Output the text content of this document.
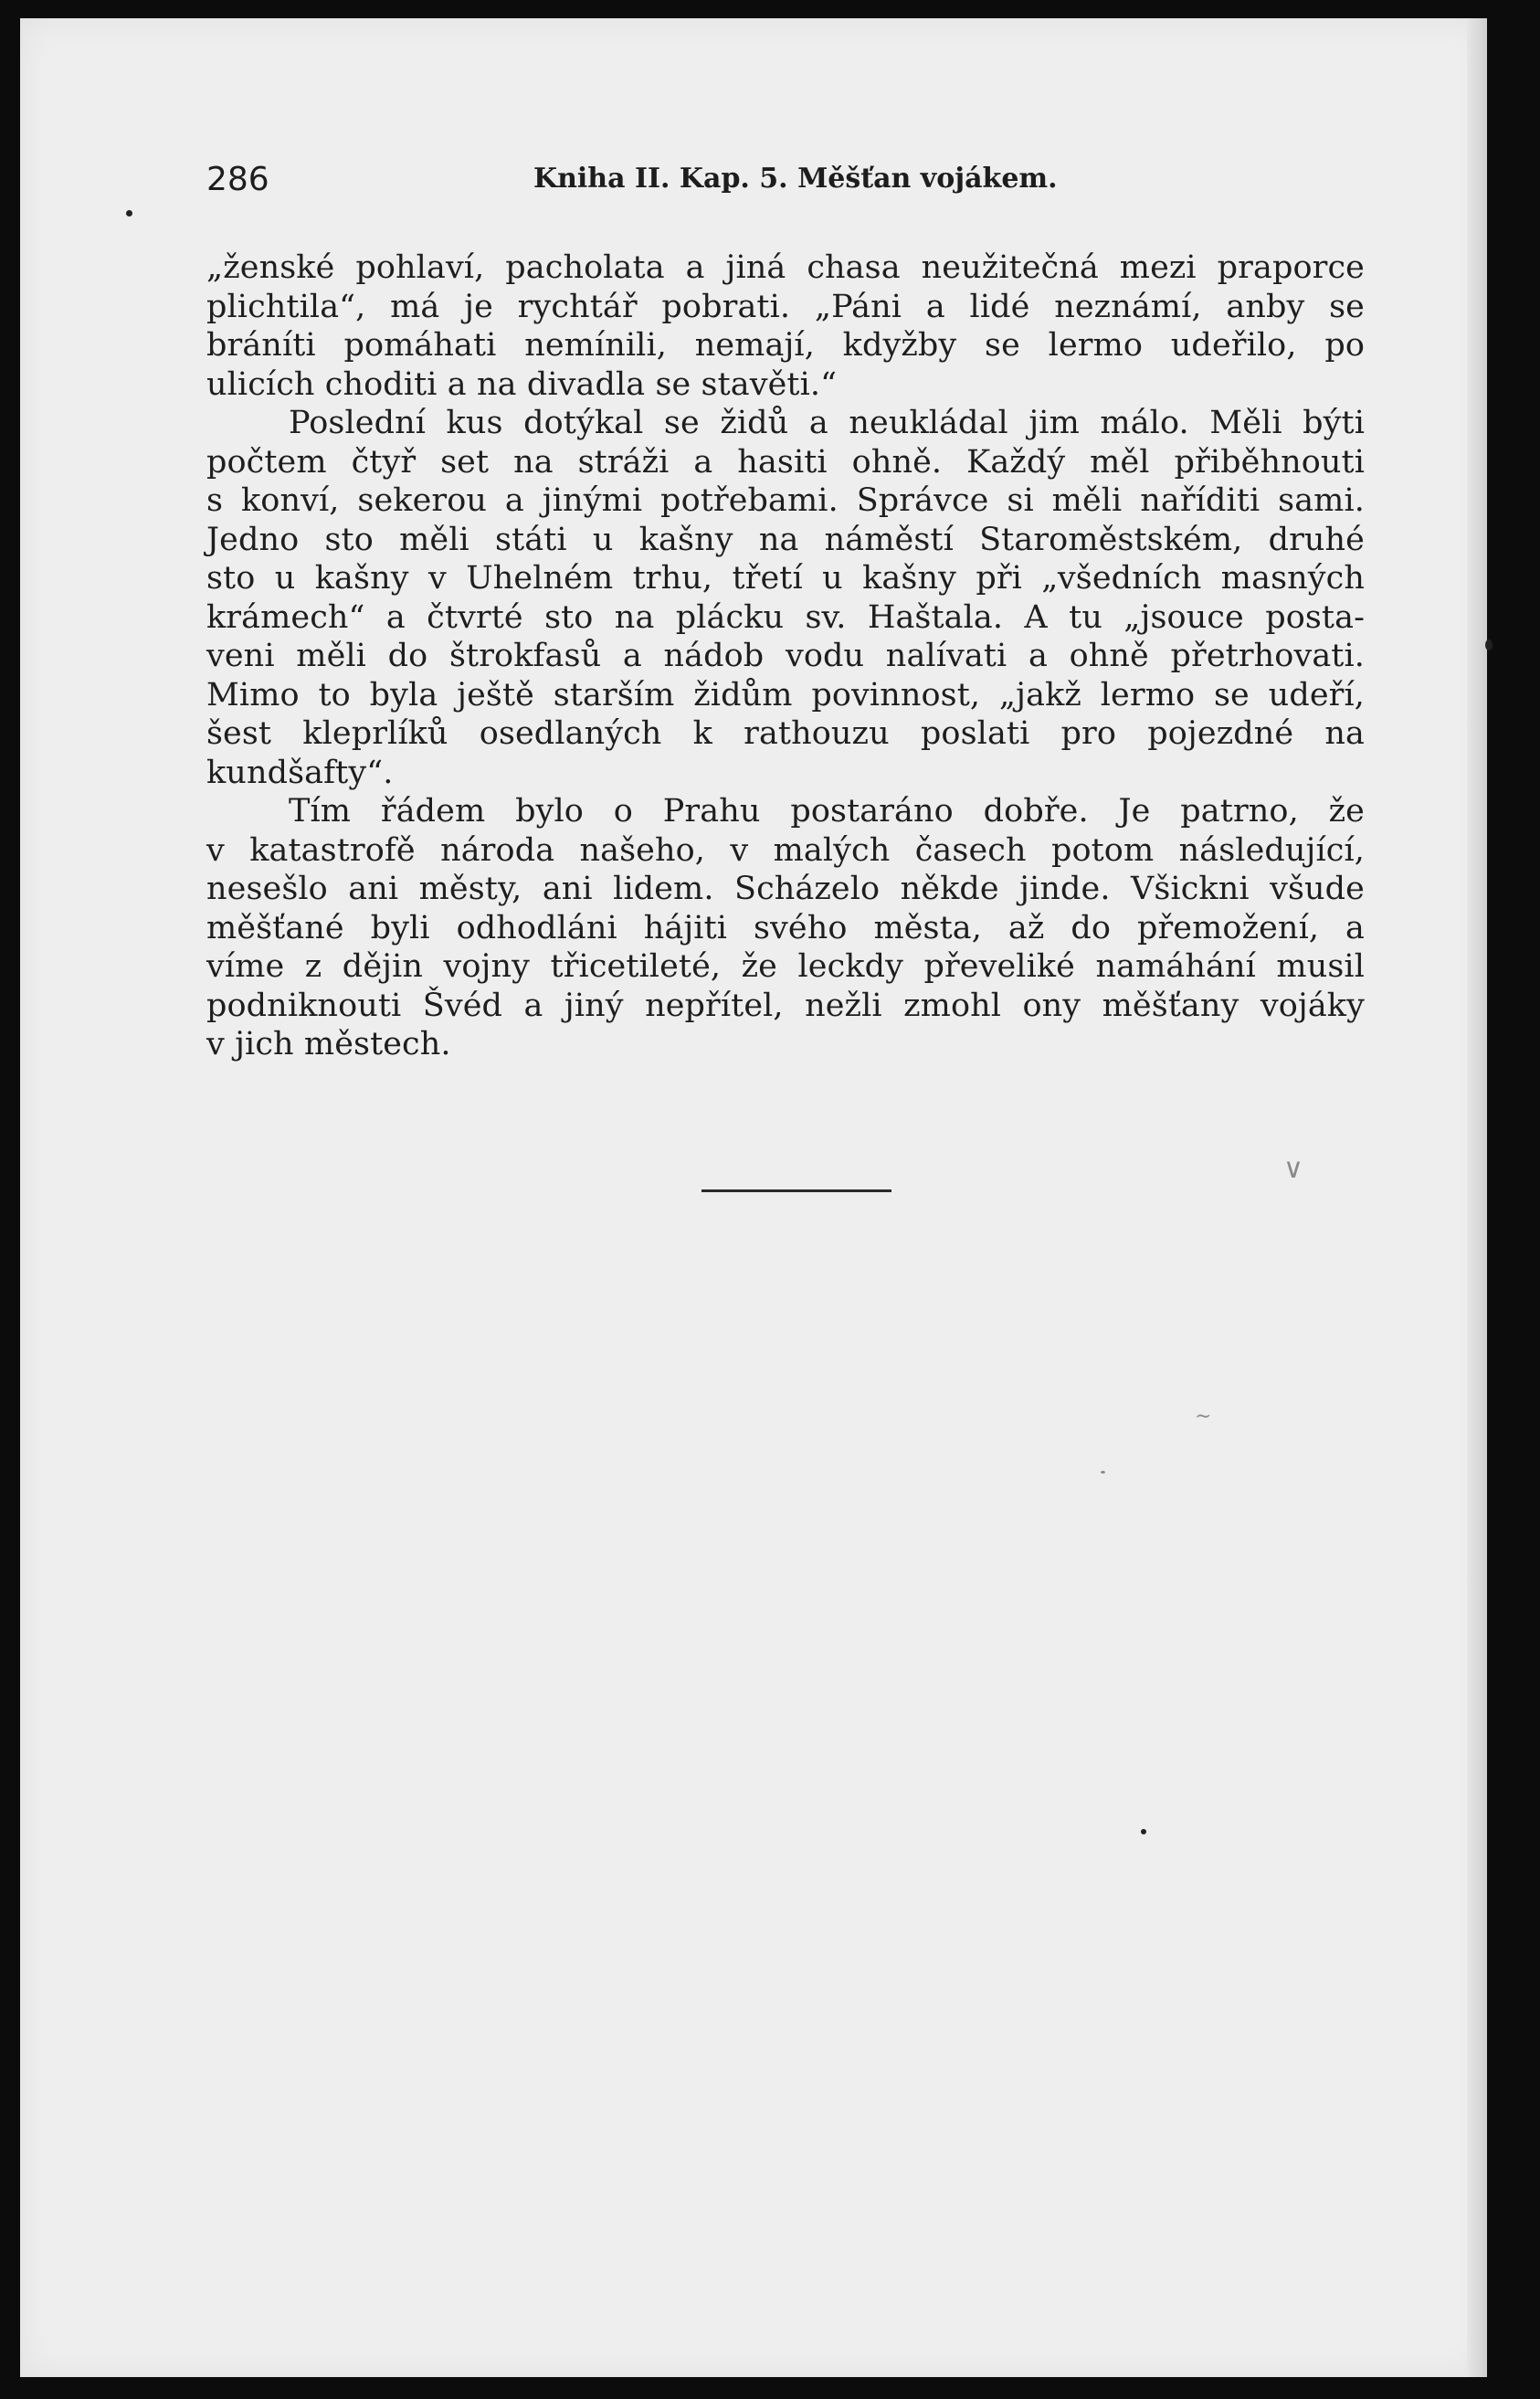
286	Kniha II. Kap. 5. Měšťan vojákem.
„ženské pohlaví, pacholata a jiná chasa neužitečná mezi praporce
plichtila“, má je rychtář pobrati. „Páni a lidé neznámí, anby se
bráníti pomáhati nemínili, nemají, kdyžby se lermo udeřilo, po
ulicích choditi a na divadla se stavěti.“
Poslední kus dotýkal se židů a neukládal jim málo. Měli býti
počtem čtyř set na stráži a hasiti ohně. Každý měl přiběhnouti
s konví, sekerou a jinými potřebami. Správce si měli naříditi sami.
Jedno sto měli státi u kašny na náměstí Staroměstském, druhé
sto u kašny v Uhelném trhu, třetí u kašny při „všedních masných
krámech“ a čtvrté sto na plácku sv. Haštala. A tu „jsouce posta-
veni měli do štrokfasů a nádob vodu nalívati a ohně přetrhovati.
Mimo to byla ještě starším židům povinnost, „jakž lermo se udeří,
šest kleprlíků osedlaných k rathouzu poslati pro pojezdné na
kundšafty“.
Tím řádem bylo o Prahu postaráno dobře. Je patrno, že
v katastrofě národa našeho, v malých časech potom následující,
nesešlo ani městy, ani lidem. Scházelo někde jinde. Všickni všude
měšťané byli odhodláni hájiti svého města, až do přemožení, a
víme z dějin vojny třicetileté, že leckdy převeliké namáhání musil
podniknouti Švéd a jiný nepřítel, nežli zmohl ony měšťany vojáky
v jich městech.
∨
∼
